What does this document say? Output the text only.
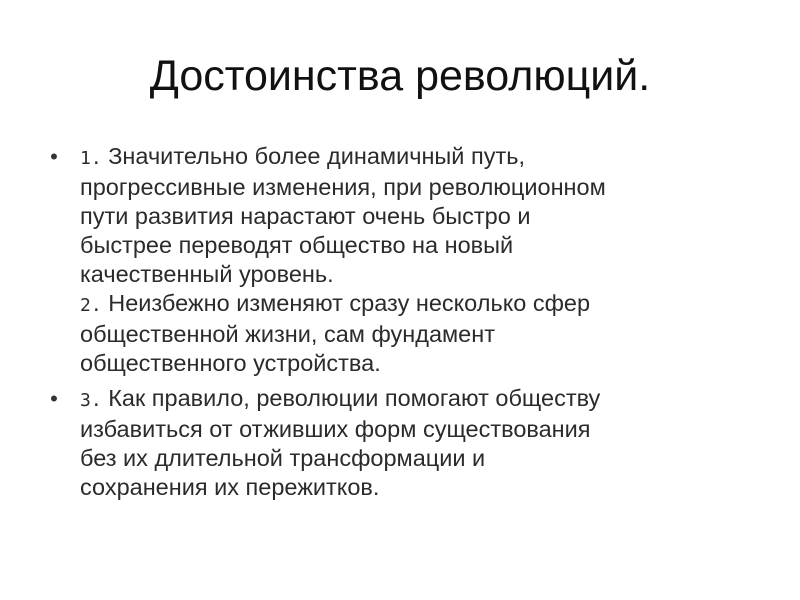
Достоинства революций.
•	1. Значительно более динамичный путь,
прогрессивные изменения, при революционном
пути развития нарастают очень быстро и
быстрее переводят общество на новый
качественный уровень.
2. Неизбежно изменяют сразу несколько сфер
общественной жизни, сам фундамент
общественного устройства.
•	3. Как правило, революции помогают обществу
избавиться от отживших форм существования
без их длительной трансформации и
сохранения их пережитков.
